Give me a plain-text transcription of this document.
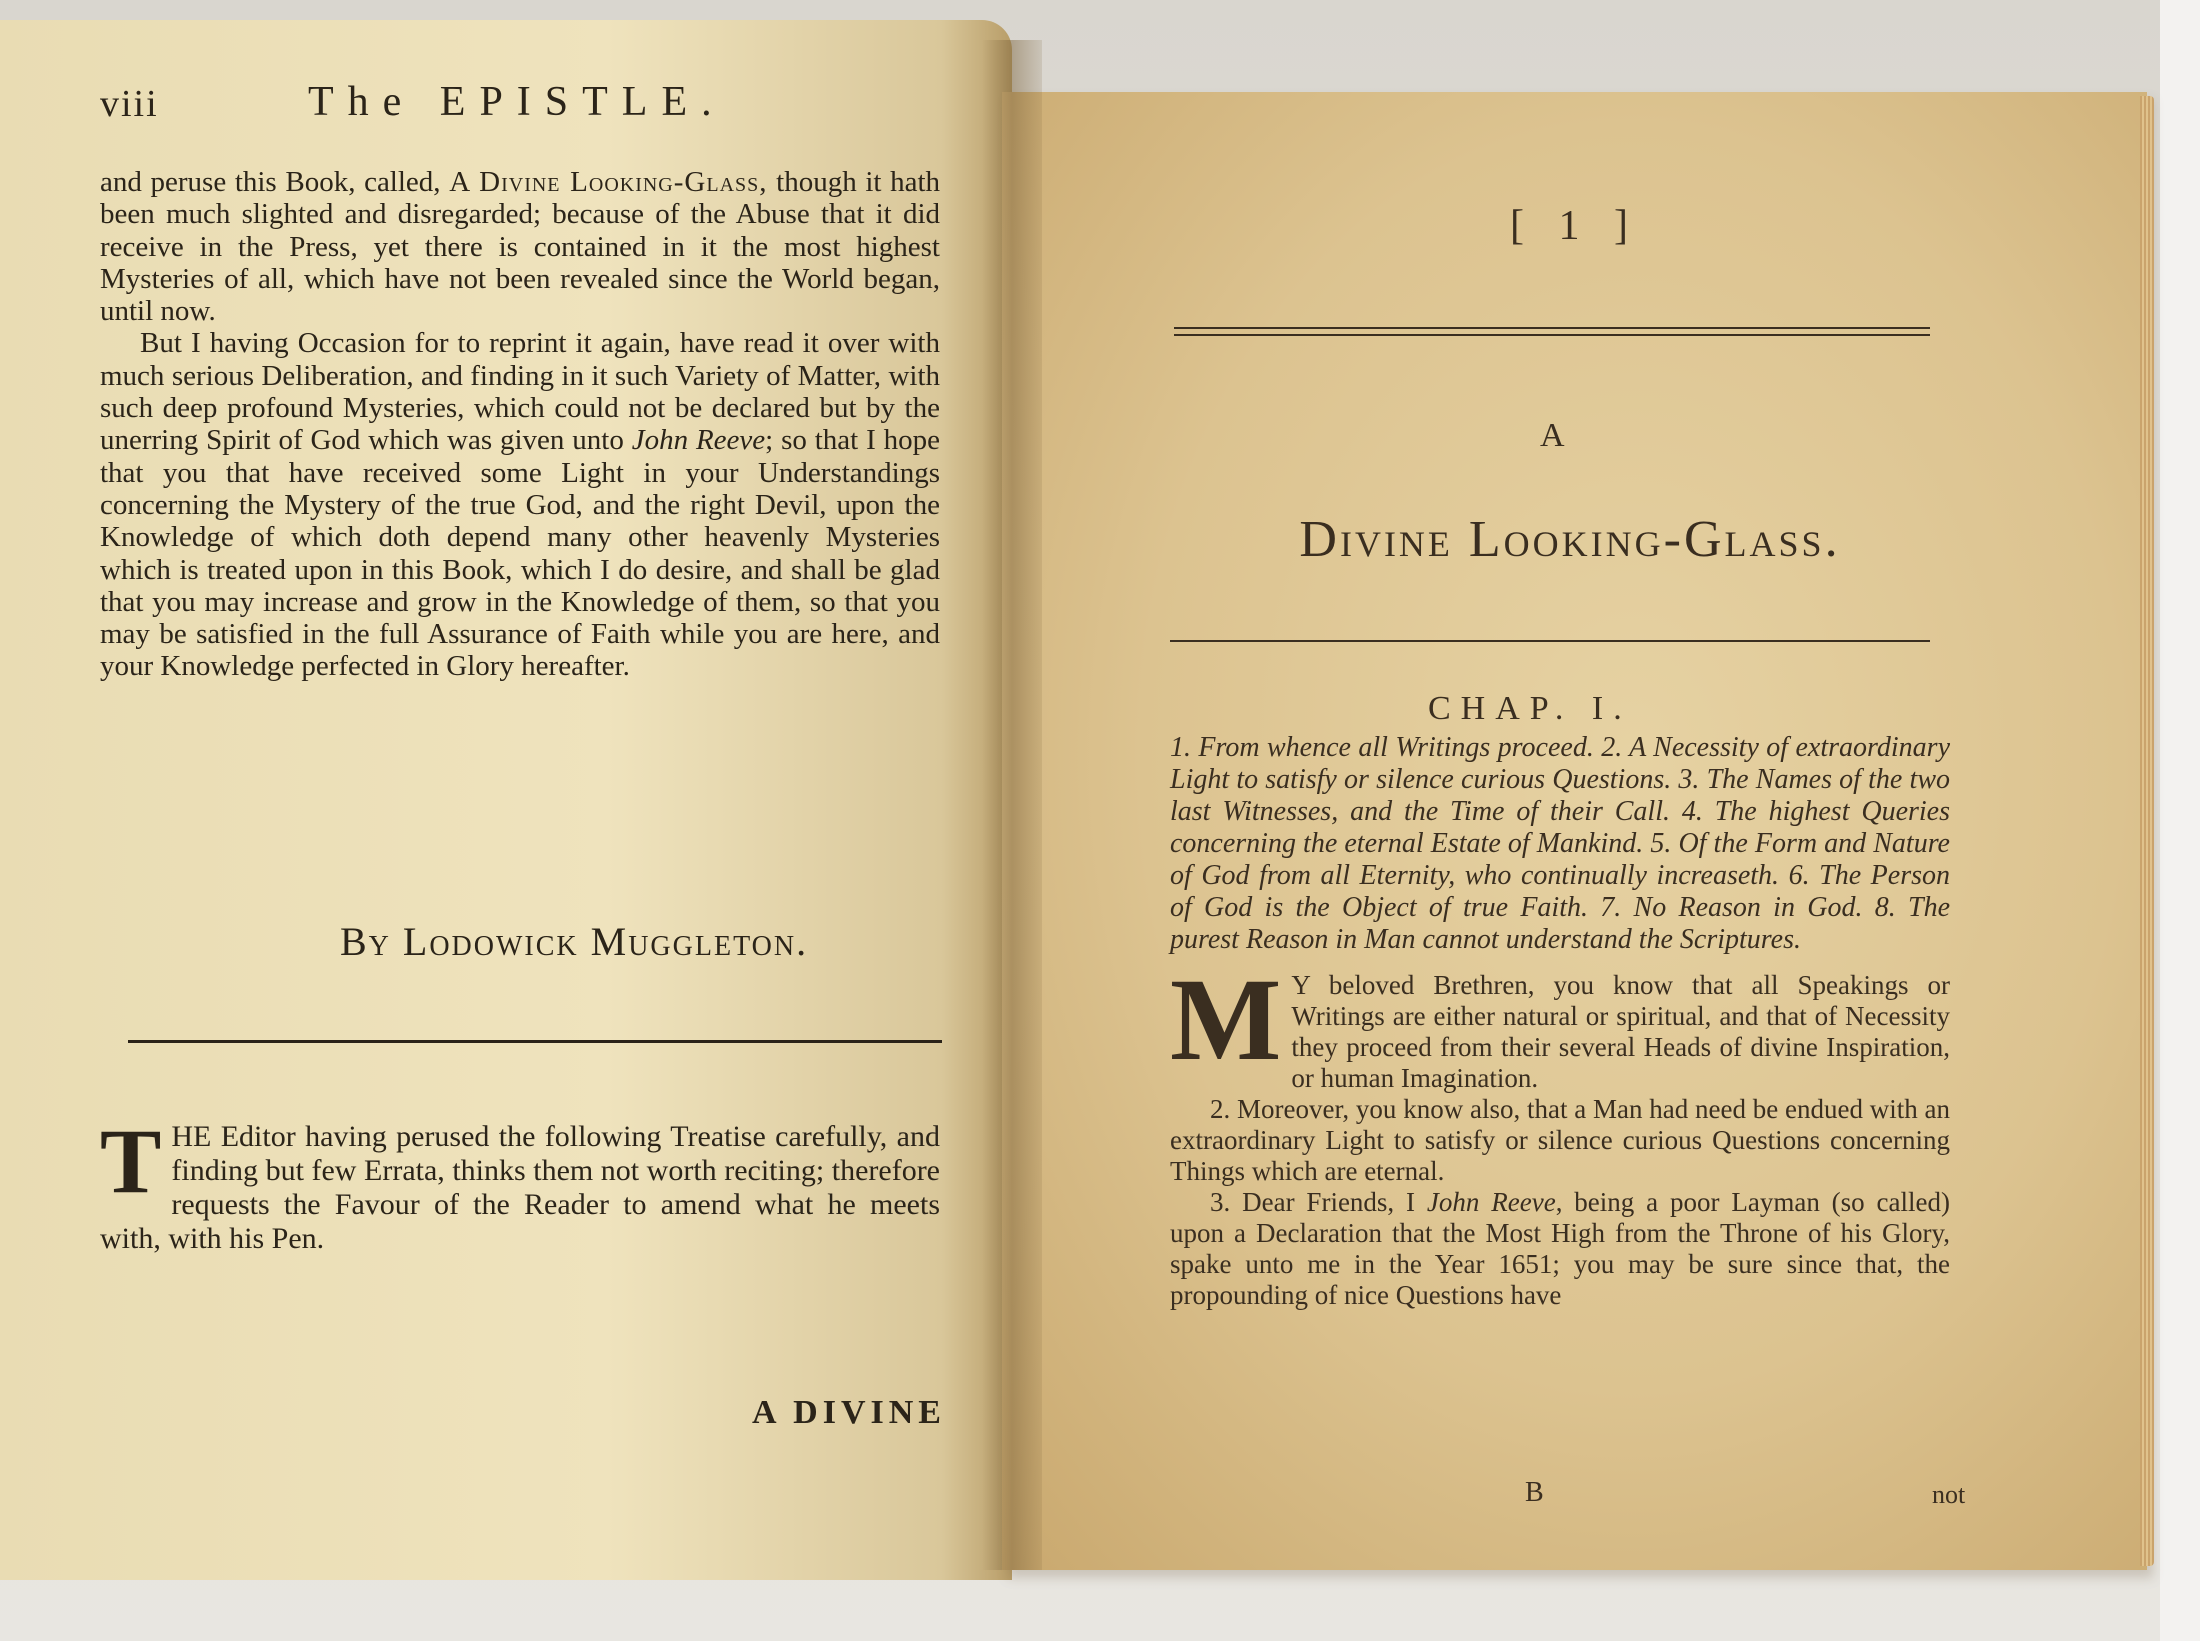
viii	The EPISTLE.

and peruse this Book, called, A Divine Looking-Glass, though it hath been much slighted and disregarded; because of the Abuse that it did receive in the Press, yet there is contained in it the most highest Mysteries of all, which have not been revealed since the World began, until now.

But I having Occasion for to reprint it again, have read it over with much serious Deliberation, and finding in it such Variety of Matter, with such deep profound Mysteries, which could not be declared but by the unerring Spirit of God which was given unto John Reeve; so that I hope that you that have received some Light in your Understandings concerning the Mystery of the true God, and the right Devil, upon the Knowledge of which doth depend many other heavenly Mysteries which is treated upon in this Book, which I do desire, and shall be glad that you may increase and grow in the Knowledge of them, so that you may be satisfied in the full Assurance of Faith while you are here, and your Knowledge perfected in Glory hereafter.

By Lodowick Muggleton.
THE Editor having perused the following Treatise carefully, and finding but few Errata, thinks them not worth reciting; therefore requests the Favour of the Reader to amend what he meets with, with his Pen.
A DIVINE
[ 1 ]
A
Divine Looking-Glass.
CHAP. I.
1. From whence all Writings proceed. 2. A Necessity of extraordinary Light to satisfy or silence curious Questions. 3. The Names of the two last Witnesses, and the Time of their Call. 4. The highest Queries concerning the eternal Estate of Mankind. 5. Of the Form and Nature of God from all Eternity, who continually increaseth. 6. The Person of God is the Object of true Faith. 7. No Reason in God. 8. The purest Reason in Man cannot understand the Scriptures.

M Y beloved Brethren, you know that all Speakings or Writings are either natural or spiritual, and that of Necessity they proceed from their several Heads of divine Inspiration, or human Imagination.

2. Moreover, you know also, that a Man had need be endued with an extraordinary Light to satisfy or silence curious Questions concerning Things which are eternal.

3. Dear Friends, I John Reeve, being a poor Layman (so called) upon a Declaration that the Most High from the Throne of his Glory, spake unto me in the Year 1651; you may be sure since that, the propounding of nice Questions have

B	not
